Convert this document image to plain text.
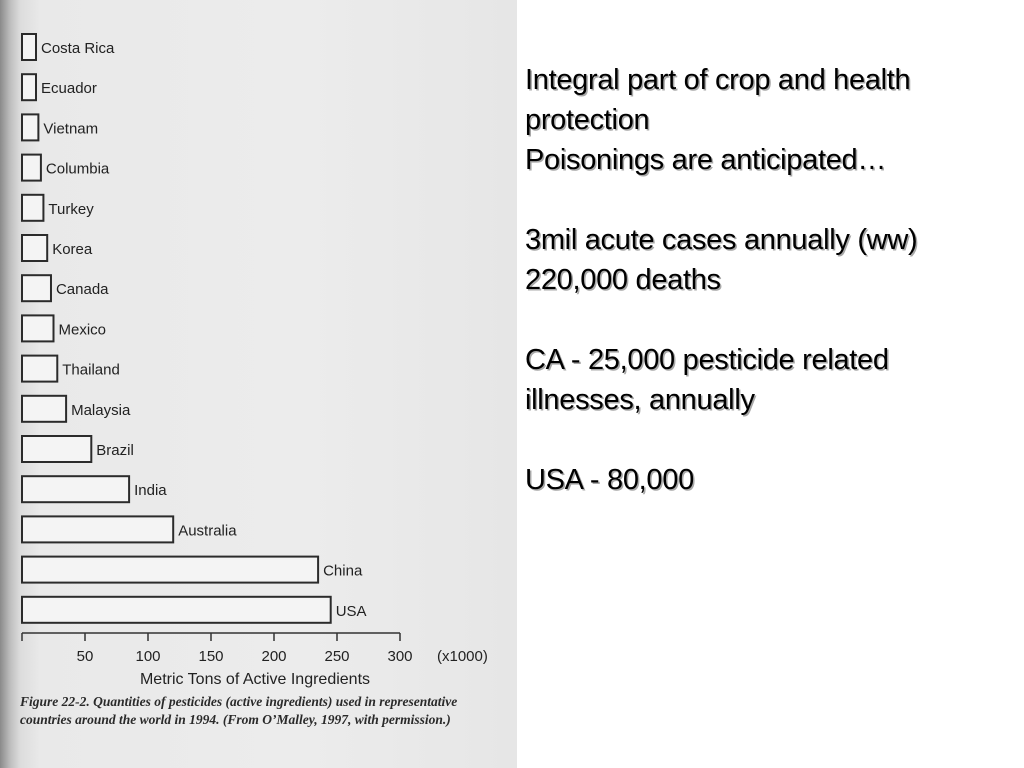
Costa Rica
Ecuador
Vietnam
Columbia
Turkey
Korea
Canada
Mexico
Thailand
Malaysia
Brazil
India
Australia
China
USA
50	100	150	200	250	300 (x1000)
Metric Tons of Active Ingredients
Figure 22-2. Quantities of pesticides (active ingredients) used in representative countries around the world in 1994. (From O’Malley, 1997, with permission.)
Integral part of crop and health
protection
Poisonings are anticipated…
3mil acute cases annually (ww)
220,000 deaths
CA - 25,000 pesticide related
illnesses, annually
USA - 80,000
